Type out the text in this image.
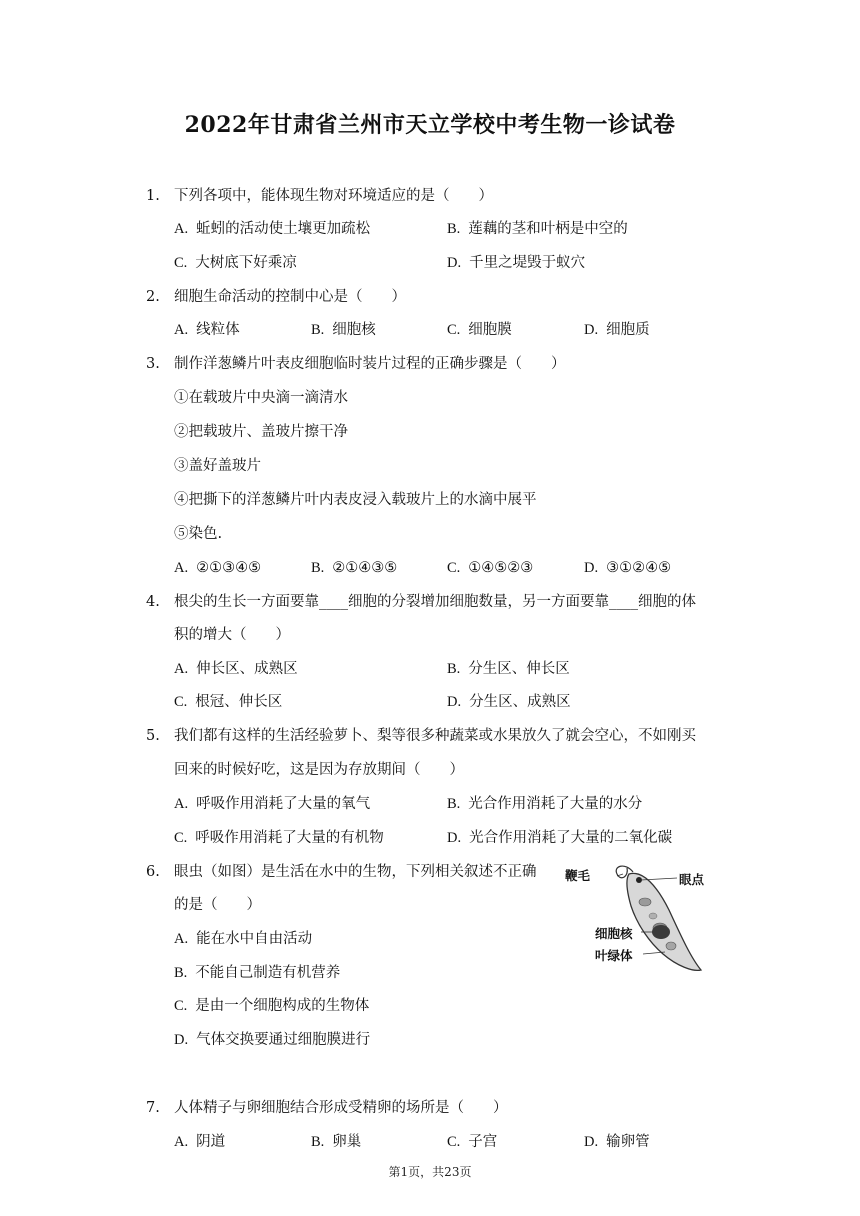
2022年甘肃省兰州市天立学校中考生物一诊试卷
1. 下列各项中，能体现生物对环境适应的是（　　）
A. 蚯蚓的活动使土壤更加疏松	B. 莲藕的茎和叶柄是中空的
C. 大树底下好乘凉	D. 千里之堤毁于蚁穴
2. 细胞生命活动的控制中心是（　　）
A. 线粒体	B. 细胞核	C. 细胞膜	D. 细胞质
3. 制作洋葱鳞片叶表皮细胞临时装片过程的正确步骤是（　　）
①在载玻片中央滴一滴清水
②把载玻片、盖玻片擦干净
③盖好盖玻片
④把撕下的洋葱鳞片叶内表皮浸入载玻片上的水滴中展平
⑤染色.
A. ②①③④⑤	B. ②①④③⑤	C. ①④⑤②③	D. ③①②④⑤
4. 根尖的生长一方面要靠____细胞的分裂增加细胞数量，另一方面要靠____细胞的体
积的增大（　　）
A. 伸长区、成熟区	B. 分生区、伸长区
C. 根冠、伸长区	D. 分生区、成熟区
5. 我们都有这样的生活经验萝卜、梨等很多种蔬菜或水果放久了就会空心，不如刚买
回来的时候好吃，这是因为存放期间（　　）
A. 呼吸作用消耗了大量的氧气	B. 光合作用消耗了大量的水分
C. 呼吸作用消耗了大量的有机物	D. 光合作用消耗了大量的二氧化碳
6. 眼虫（如图）是生活在水中的生物，下列相关叙述不正确
的是（　　）
A. 能在水中自由活动
B. 不能自己制造有机营养
C. 是由一个细胞构成的生物体
D. 气体交换要通过细胞膜进行
鞭毛	眼点
细胞核
叶绿体
7. 人体精子与卵细胞结合形成受精卵的场所是（　　）
A. 阴道	B. 卵巢	C. 子宫	D. 输卵管
第1页，共23页
